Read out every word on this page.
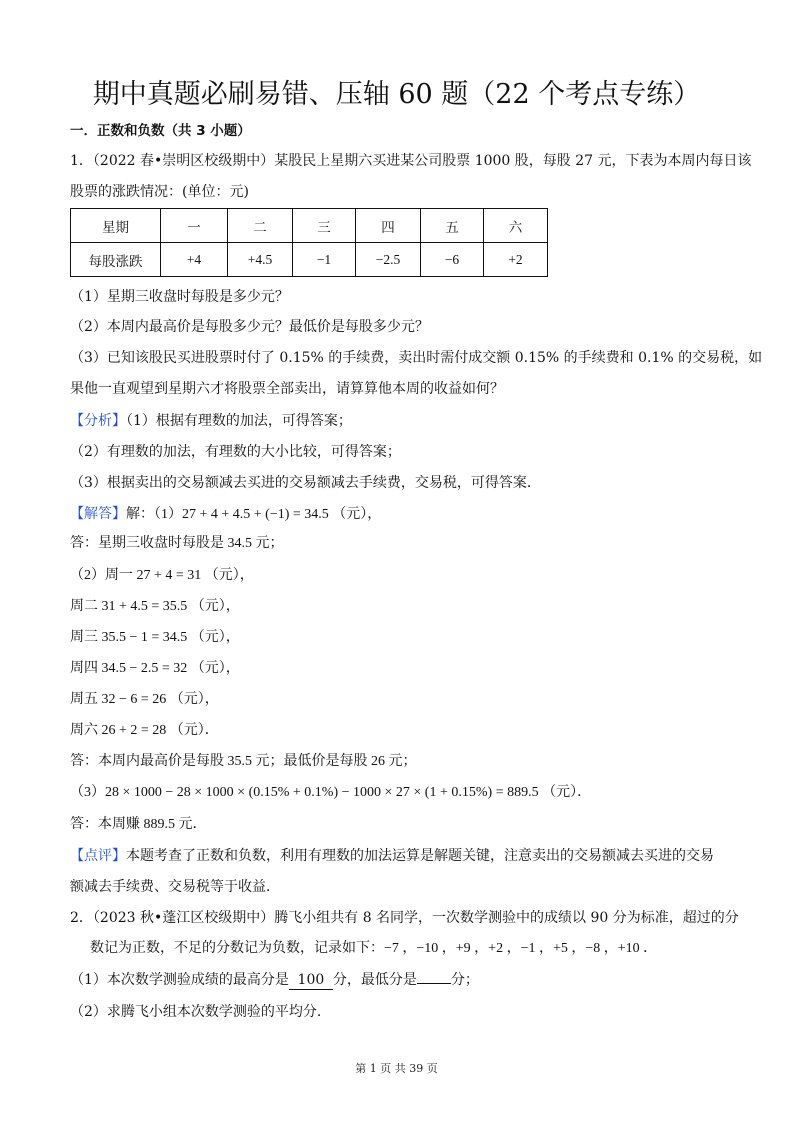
期中真题必刷易错、压轴 60 题（22 个考点专练）
一．正数和负数（共 3 小题）
1．（2022 春•崇明区校级期中）某股民上星期六买进某公司股票 1000 股，每股 27 元，下表为本周内每日该
股票的涨跌情况：(单位：元)
星期	一	二	三	四	五	六
每股涨跌	+4	+4.5	−1	−2.5	−6	+2
（1）星期三收盘时每股是多少元？
（2）本周内最高价是每股多少元？最低价是每股多少元？
（3）已知该股民买进股票时付了 0.15% 的手续费，卖出时需付成交额 0.15% 的手续费和 0.1% 的交易税，如
果他一直观望到星期六才将股票全部卖出，请算算他本周的收益如何？
【分析】（1）根据有理数的加法，可得答案；
（2）有理数的加法，有理数的大小比较，可得答案；
（3）根据卖出的交易额减去买进的交易额减去手续费，交易税，可得答案．
【解答】解：（1）27 + 4 + 4.5 + (−1) = 34.5 （元），
答：星期三收盘时每股是 34.5 元；
（2）周一 27 + 4 = 31 （元），
周二 31 + 4.5 = 35.5 （元），
周三 35.5 − 1 = 34.5 （元），
周四 34.5 − 2.5 = 32 （元），
周五 32 − 6 = 26 （元），
周六 26 + 2 = 28 （元）．
答：本周内最高价是每股 35.5 元；最低价是每股 26 元；
（3）28 × 1000 − 28 × 1000 × (0.15% + 0.1%) − 1000 × 27 × (1 + 0.15%) = 889.5 （元）．
答：本周赚 889.5 元．
【点评】本题考查了正数和负数，利用有理数的加法运算是解题关键，注意卖出的交易额减去买进的交易
额减去手续费、交易税等于收益．
2．（2023 秋•蓬江区校级期中）腾飞小组共有 8 名同学，一次数学测验中的成绩以 90 分为标准，超过的分
数记为正数，不足的分数记为负数，记录如下：−7 ，−10 ，+9 ，+2 ，−1 ，+5 ，−8 ，+10 ．
（1）本次数学测验成绩的最高分是 100 分，最低分是 分；
（2）求腾飞小组本次数学测验的平均分．
第 1 页 共 39 页
